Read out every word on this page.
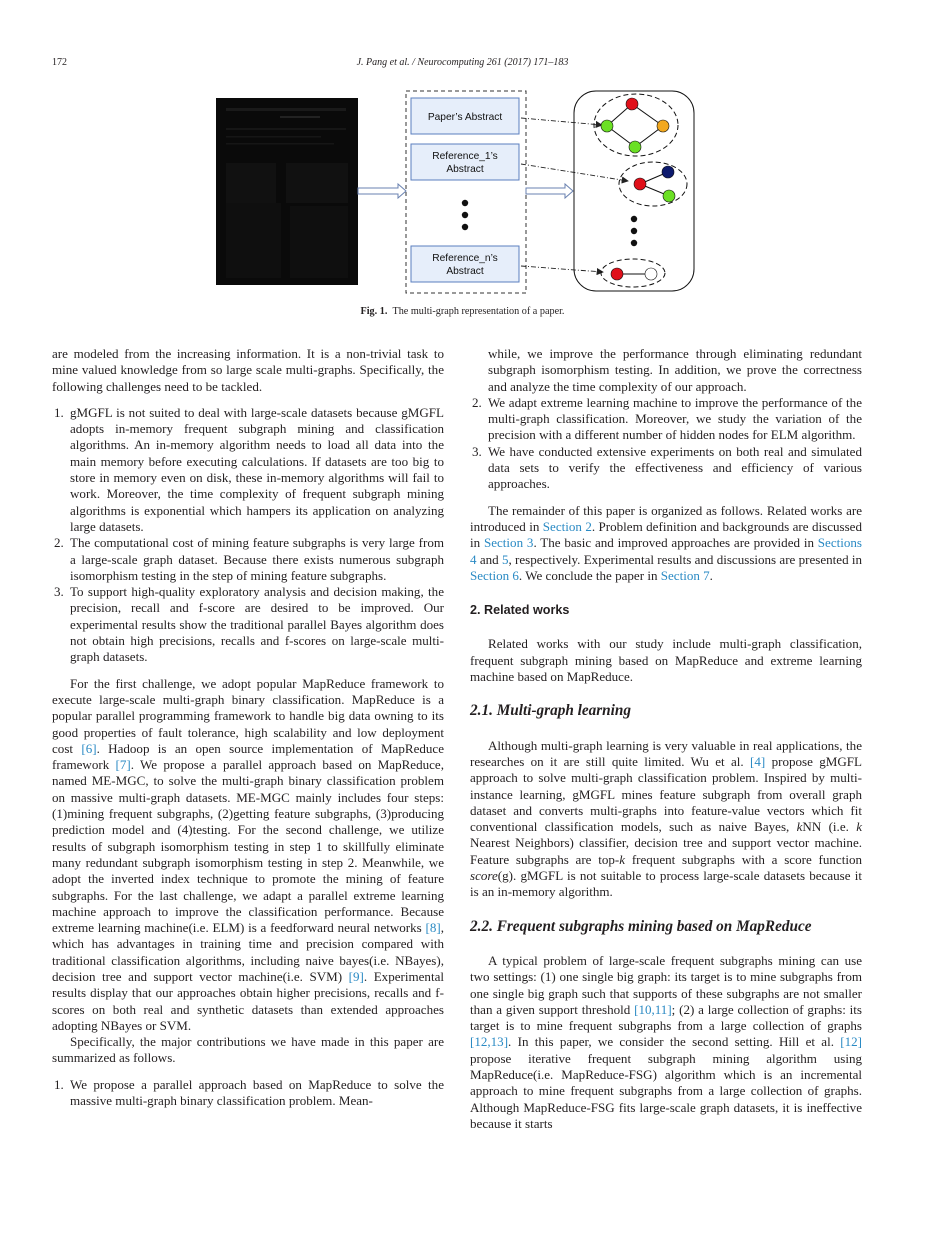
172	J. Pang et al. / Neurocomputing 261 (2017) 171–183
Paper’s Abstract
Reference_1’s
Abstract
Reference_n’s
Abstract
Fig. 1. The multi-graph representation of a paper.

are modeled from the increasing information. It is a non-trivial task to mine valued knowledge from so large scale multi-graphs. Specifically, the following challenges need to be tackled.

1. gMGFL is not suited to deal with large-scale datasets because gMGFL adopts in-memory frequent subgraph mining and classification algorithms. An in-memory algorithm needs to load all data into the main memory before executing calculations. If datasets are too big to store in memory even on disk, these in-memory algorithms will fail to work. Moreover, the time complexity of frequent subgraph mining algorithms is exponential which hampers its application on analyzing large datasets.
2. The computational cost of mining feature subgraphs is very large from a large-scale graph dataset. Because there exists numerous subgraph isomorphism testing in the step of mining feature subgraphs.
3. To support high-quality exploratory analysis and decision making, the precision, recall and f-score are desired to be improved. Our experimental results show the traditional parallel Bayes algorithm does not obtain high precisions, recalls and f-scores on large-scale multi-graph datasets.

For the first challenge, we adopt popular MapReduce framework to execute large-scale multi-graph binary classification. MapReduce is a popular parallel programming framework to handle big data owning to its good properties of fault tolerance, high scalability and low deployment cost [6]. Hadoop is an open source implementation of MapReduce framework [7]. We propose a parallel approach based on MapReduce, named ME-MGC, to solve the multi-graph binary classification problem on massive multi-graph datasets. ME-MGC mainly includes four steps: (1)mining frequent subgraphs, (2)getting feature subgraphs, (3)producing prediction model and (4)testing. For the second challenge, we utilize results of subgraph isomorphism testing in step 1 to skillfully eliminate many redundant subgraph isomorphism testing in step 2. Meanwhile, we adopt the inverted index technique to promote the mining of feature subgraphs. For the last challenge, we adapt a parallel extreme learning machine approach to improve the classification performance. Because extreme learning machine(i.e. ELM) is a feedforward neural networks [8], which has advantages in training time and precision compared with traditional classification algorithms, including naive bayes(i.e. NBayes), decision tree and support vector machine(i.e. SVM) [9]. Experimental results display that our approaches obtain higher precisions, recalls and f-scores on both real and synthetic datasets than extended approaches adopting NBayes or SVM.

Specifically, the major contributions we have made in this paper are summarized as follows.

1. We propose a parallel approach based on MapReduce to solve the massive multi-graph binary classification problem. Mean-
while, we improve the performance through eliminating redundant subgraph isomorphism testing. In addition, we prove the correctness and analyze the time complexity of our approach.
2. We adapt extreme learning machine to improve the performance of the multi-graph classification. Moreover, we study the variation of the precision with a different number of hidden nodes for ELM algorithm.
3. We have conducted extensive experiments on both real and simulated data sets to verify the effectiveness and efficiency of various approaches.

The remainder of this paper is organized as follows. Related works are introduced in Section 2. Problem definition and backgrounds are discussed in Section 3. The basic and improved approaches are provided in Sections 4 and 5, respectively. Experimental results and discussions are presented in Section 6. We conclude the paper in Section 7.

2. Related works

Related works with our study include multi-graph classification, frequent subgraph mining based on MapReduce and extreme learning machine based on MapReduce.

2.1. Multi-graph learning

Although multi-graph learning is very valuable in real applications, the researches on it are still quite limited. Wu et al. [4] propose gMGFL approach to solve multi-graph classification problem. Inspired by multi-instance learning, gMGFL mines feature subgraph from overall graph dataset and converts multi-graphs into feature-value vectors which fit conventional classification models, such as naive Bayes, kNN (i.e. k Nearest Neighbors) classifier, decision tree and support vector machine. Feature subgraphs are top-k frequent subgraphs with a score function score(g). gMGFL is not suitable to process large-scale datasets because it is an in-memory algorithm.

2.2. Frequent subgraphs mining based on MapReduce

A typical problem of large-scale frequent subgraphs mining can use two settings: (1) one single big graph: its target is to mine subgraphs from one single big graph such that supports of these subgraphs are not smaller than a given support threshold [10,11]; (2) a large collection of graphs: its target is to mine frequent subgraphs from a large collection of graphs [12,13]. In this paper, we consider the second setting. Hill et al. [12] propose iterative frequent subgraph mining algorithm using MapReduce(i.e. MapReduce-FSG) algorithm which is an incremental approach to mine frequent subgraphs from a large collection of graphs. Although MapReduce-FSG fits large-scale graph datasets, it is ineffective because it starts
